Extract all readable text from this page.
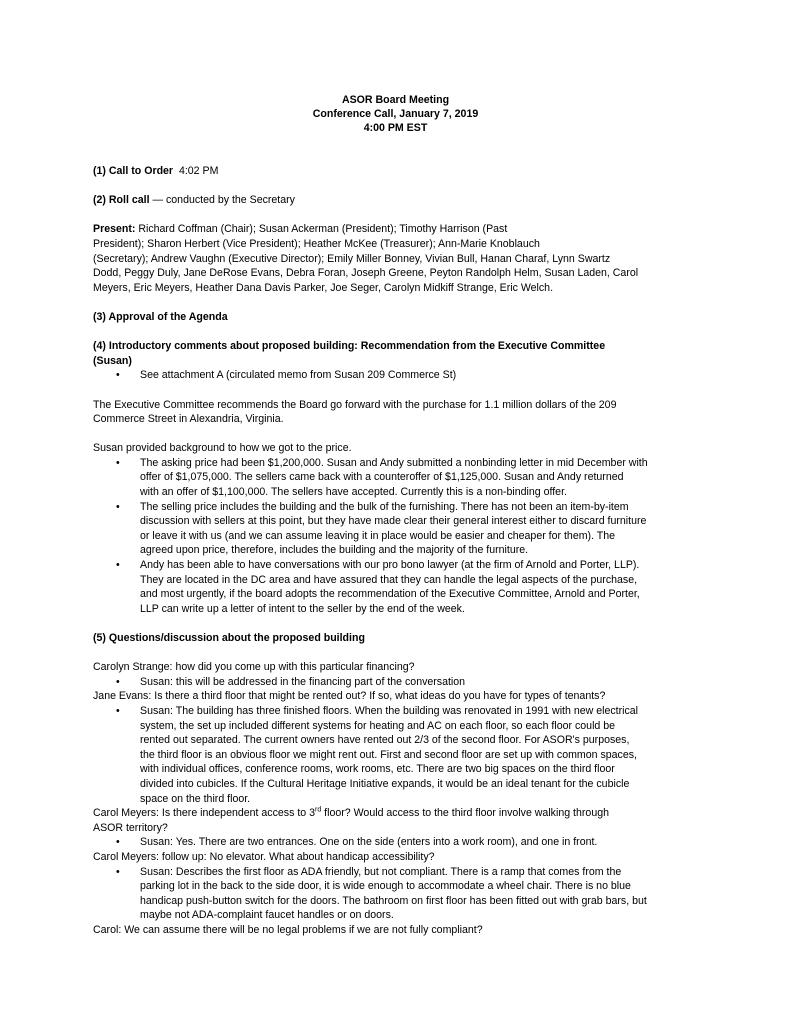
ASOR Board Meeting
Conference Call, January 7, 2019
4:00 PM EST

(1) Call to Order 4:02 PM

(2) Roll call — conducted by the Secretary

Present: Richard Coffman (Chair); Susan Ackerman (President); Timothy Harrison (Past

President); Sharon Herbert (Vice President); Heather McKee (Treasurer); Ann-Marie Knoblauch

(Secretary); Andrew Vaughn (Executive Director); Emily Miller Bonney, Vivian Bull, Hanan Charaf, Lynn Swartz

Dodd, Peggy Duly, Jane DeRose Evans, Debra Foran, Joseph Greene, Peyton Randolph Helm, Susan Laden, Carol

Meyers, Eric Meyers, Heather Dana Davis Parker, Joe Seger, Carolyn Midkiff Strange, Eric Welch.

(3) Approval of the Agenda

(4) Introductory comments about proposed building: Recommendation from the Executive Committee

(Susan)

• See attachment A (circulated memo from Susan 209 Commerce St)

The Executive Committee recommends the Board go forward with the purchase for 1.1 million dollars of the 209

Commerce Street in Alexandria, Virginia.

Susan provided background to how we got to the price.

• The asking price had been $1,200,000. Susan and Andy submitted a nonbinding letter in mid December with
offer of $1,075,000. The sellers came back with a counteroffer of $1,125,000. Susan and Andy returned
with an offer of $1,100,000. The sellers have accepted. Currently this is a non-binding offer.
• The selling price includes the building and the bulk of the furnishing. There has not been an item-by-item
discussion with sellers at this point, but they have made clear their general interest either to discard furniture
or leave it with us (and we can assume leaving it in place would be easier and cheaper for them). The
agreed upon price, therefore, includes the building and the majority of the furniture.
• Andy has been able to have conversations with our pro bono lawyer (at the firm of Arnold and Porter, LLP).
They are located in the DC area and have assured that they can handle the legal aspects of the purchase,
and most urgently, if the board adopts the recommendation of the Executive Committee, Arnold and Porter,
LLP can write up a letter of intent to the seller by the end of the week.

(5) Questions/discussion about the proposed building

Carolyn Strange: how did you come up with this particular financing?

• Susan: this will be addressed in the financing part of the conversation

Jane Evans: Is there a third floor that might be rented out? If so, what ideas do you have for types of tenants?

• Susan: The building has three finished floors. When the building was renovated in 1991 with new electrical
system, the set up included different systems for heating and AC on each floor, so each floor could be
rented out separated. The current owners have rented out 2/3 of the second floor. For ASOR's purposes,
the third floor is an obvious floor we might rent out. First and second floor are set up with common spaces,
with individual offices, conference rooms, work rooms, etc. There are two big spaces on the third floor
divided into cubicles. If the Cultural Heritage Initiative expands, it would be an ideal tenant for the cubicle
space on the third floor.

Carol Meyers: Is there independent access to 3rd floor? Would access to the third floor involve walking through

ASOR territory?

• Susan: Yes. There are two entrances. One on the side (enters into a work room), and one in front.

Carol Meyers: follow up: No elevator. What about handicap accessibility?

• Susan: Describes the first floor as ADA friendly, but not compliant. There is a ramp that comes from the
parking lot in the back to the side door, it is wide enough to accommodate a wheel chair. There is no blue
handicap push-button switch for the doors. The bathroom on first floor has been fitted out with grab bars, but
maybe not ADA-complaint faucet handles or on doors.

Carol: We can assume there will be no legal problems if we are not fully compliant?
